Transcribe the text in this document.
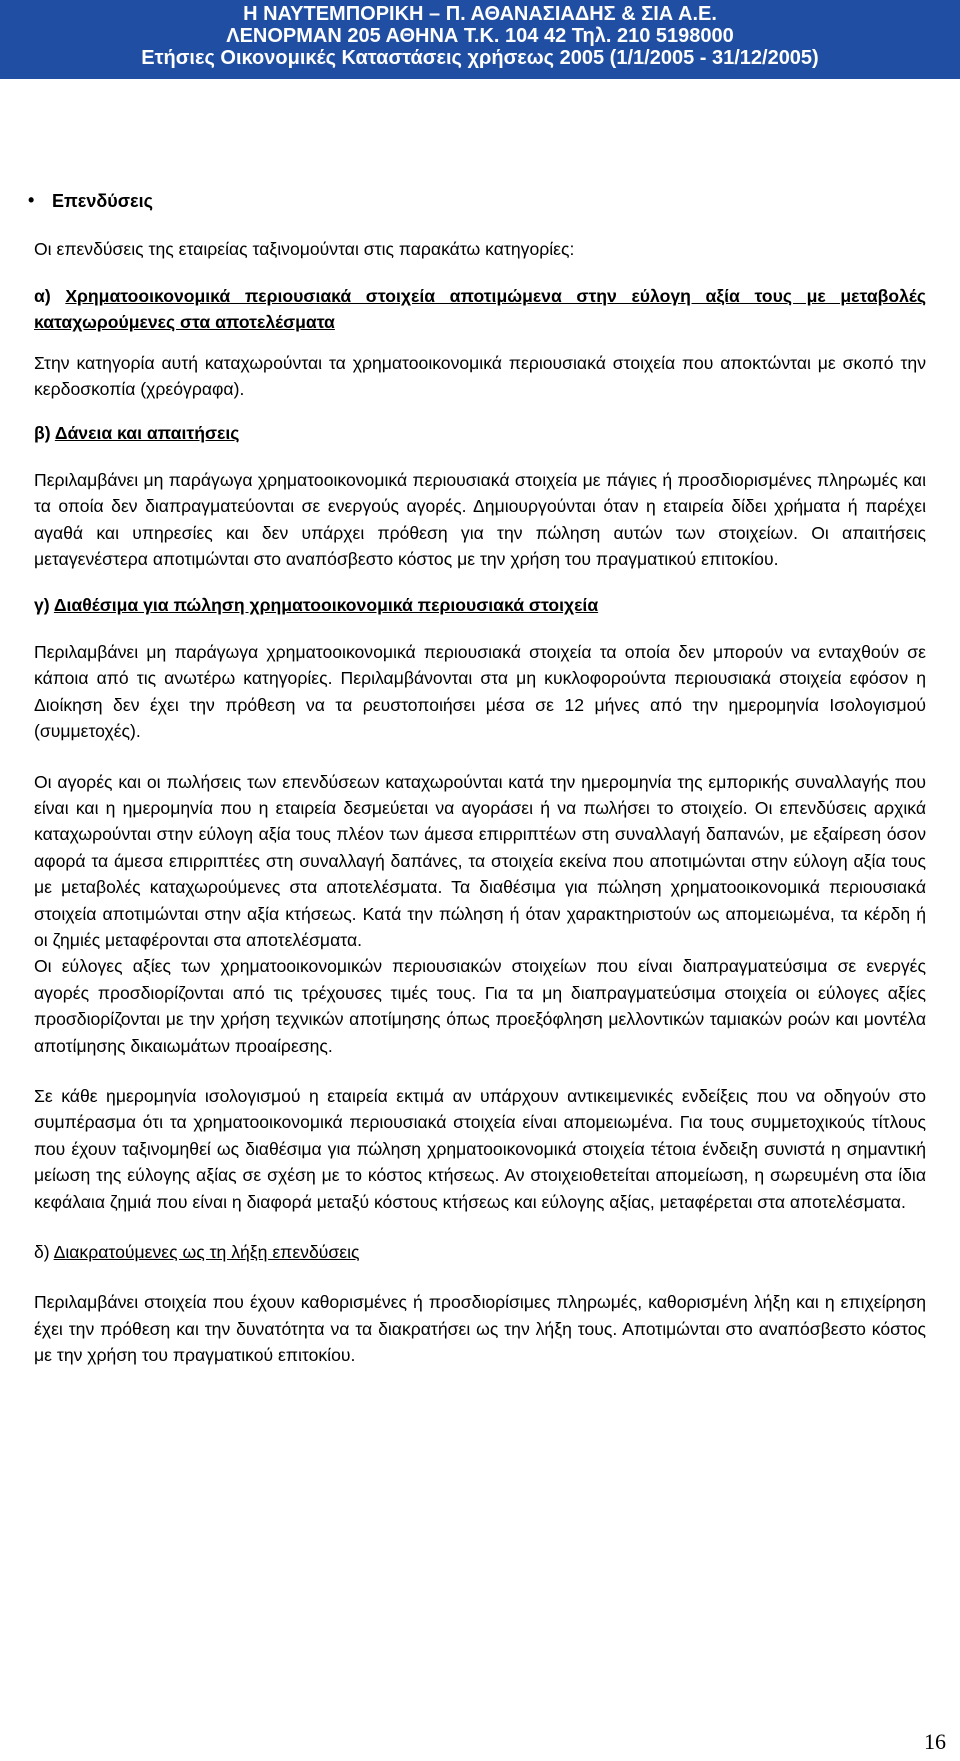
Η ΝΑΥΤΕΜΠΟΡΙΚΗ – Π. ΑΘΑΝΑΣΙΑΔΗΣ & ΣΙΑ Α.Ε.
ΛΕΝΟΡΜΑΝ 205 ΑΘΗΝΑ Τ.Κ. 104 42 Τηλ. 210 5198000
Ετήσιες Οικονομικές Καταστάσεις χρήσεως 2005 (1/1/2005 - 31/12/2005)

• Επενδύσεις

Οι επενδύσεις της εταιρείας ταξινομούνται στις παρακάτω κατηγορίες:

α) Χρηματοοικονομικά περιουσιακά στοιχεία αποτιμώμενα στην εύλογη αξία τους με μεταβολές καταχωρούμενες στα αποτελέσματα

Στην κατηγορία αυτή καταχωρούνται τα χρηματοοικονομικά περιουσιακά στοιχεία που αποκτώνται με σκοπό την κερδοσκοπία (χρεόγραφα).

β) Δάνεια και απαιτήσεις

Περιλαμβάνει μη παράγωγα χρηματοοικονομικά περιουσιακά στοιχεία με πάγιες ή προσδιορισμένες πληρωμές και τα οποία δεν διαπραγματεύονται σε ενεργούς αγορές. Δημιουργούνται όταν η εταιρεία δίδει χρήματα ή παρέχει αγαθά και υπηρεσίες και δεν υπάρχει πρόθεση για την πώληση αυτών των στοιχείων. Οι απαιτήσεις μεταγενέστερα αποτιμώνται στο αναπόσβεστο κόστος με την χρήση του πραγματικού επιτοκίου.

γ) Διαθέσιμα για πώληση χρηματοοικονομικά περιουσιακά στοιχεία

Περιλαμβάνει μη παράγωγα χρηματοοικονομικά περιουσιακά στοιχεία τα οποία δεν μπορούν να ενταχθούν σε κάποια από τις ανωτέρω κατηγορίες. Περιλαμβάνονται στα μη κυκλοφορούντα περιουσιακά στοιχεία εφόσον η Διοίκηση δεν έχει την πρόθεση να τα ρευστοποιήσει μέσα σε 12 μήνες από την ημερομηνία Ισολογισμού (συμμετοχές).

Οι αγορές και οι πωλήσεις των επενδύσεων καταχωρούνται κατά την ημερομηνία της εμπορικής συναλλαγής που είναι και η ημερομηνία που η εταιρεία δεσμεύεται να αγοράσει ή να πωλήσει το στοιχείο. Οι επενδύσεις αρχικά καταχωρούνται στην εύλογη αξία τους πλέον των άμεσα επιρριπτέων στη συναλλαγή δαπανών, με εξαίρεση όσον αφορά τα άμεσα επιρριπτέες στη συναλλαγή δαπάνες, τα στοιχεία εκείνα που αποτιμώνται στην εύλογη αξία τους με μεταβολές καταχωρούμενες στα αποτελέσματα. Τα διαθέσιμα για πώληση χρηματοοικονομικά περιουσιακά στοιχεία αποτιμώνται στην αξία κτήσεως. Κατά την πώληση ή όταν χαρακτηριστούν ως απομειωμένα, τα κέρδη ή οι ζημιές μεταφέρονται στα αποτελέσματα.

Οι εύλογες αξίες των χρηματοοικονομικών περιουσιακών στοιχείων που είναι διαπραγματεύσιμα σε ενεργές αγορές προσδιορίζονται από τις τρέχουσες τιμές τους. Για τα μη διαπραγματεύσιμα στοιχεία οι εύλογες αξίες προσδιορίζονται με την χρήση τεχνικών αποτίμησης όπως προεξόφληση μελλοντικών ταμιακών ροών και μοντέλα αποτίμησης δικαιωμάτων προαίρεσης.

Σε κάθε ημερομηνία ισολογισμού η εταιρεία εκτιμά αν υπάρχουν αντικειμενικές ενδείξεις που να οδηγούν στο συμπέρασμα ότι τα χρηματοοικονομικά περιουσιακά στοιχεία είναι απομειωμένα. Για τους συμμετοχικούς τίτλους που έχουν ταξινομηθεί ως διαθέσιμα για πώληση χρηματοοικονομικά στοιχεία τέτοια ένδειξη συνιστά η σημαντική μείωση της εύλογης αξίας σε σχέση με το κόστος κτήσεως. Αν στοιχειοθετείται απομείωση, η σωρευμένη στα ίδια κεφάλαια ζημιά που είναι η διαφορά μεταξύ κόστους κτήσεως και εύλογης αξίας, μεταφέρεται στα αποτελέσματα.

δ) Διακρατούμενες ως τη λήξη επενδύσεις

Περιλαμβάνει στοιχεία που έχουν καθορισμένες ή προσδιορίσιμες πληρωμές, καθορισμένη λήξη και η επιχείρηση έχει την πρόθεση και την δυνατότητα να τα διακρατήσει ως την λήξη τους. Αποτιμώνται στο αναπόσβεστο κόστος με την χρήση του πραγματικού επιτοκίου.

16
